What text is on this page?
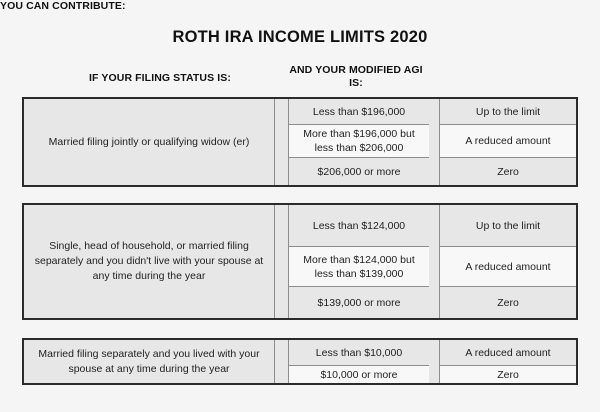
ROTH IRA INCOME LIMITS 2020
IF YOUR FILING STATUS IS:
AND YOUR MODIFIED AGI IS:
YOU CAN CONTRIBUTE:
Married filing jointly or qualifying widow (er)
Less than $196,000
More than $196,000 but less than $206,000
$206,000 or more
Up to the limit
A reduced amount
Zero
Single, head of household, or married filing separately and you didn't live with your spouse at any time during the year
Less than $124,000
More than $124,000 but less than $139,000
$139,000 or more
Up to the limit
A reduced amount
Zero
Married filing separately and you lived with your spouse at any time during the year
Less than $10,000
$10,000 or more
A reduced amount
Zero
